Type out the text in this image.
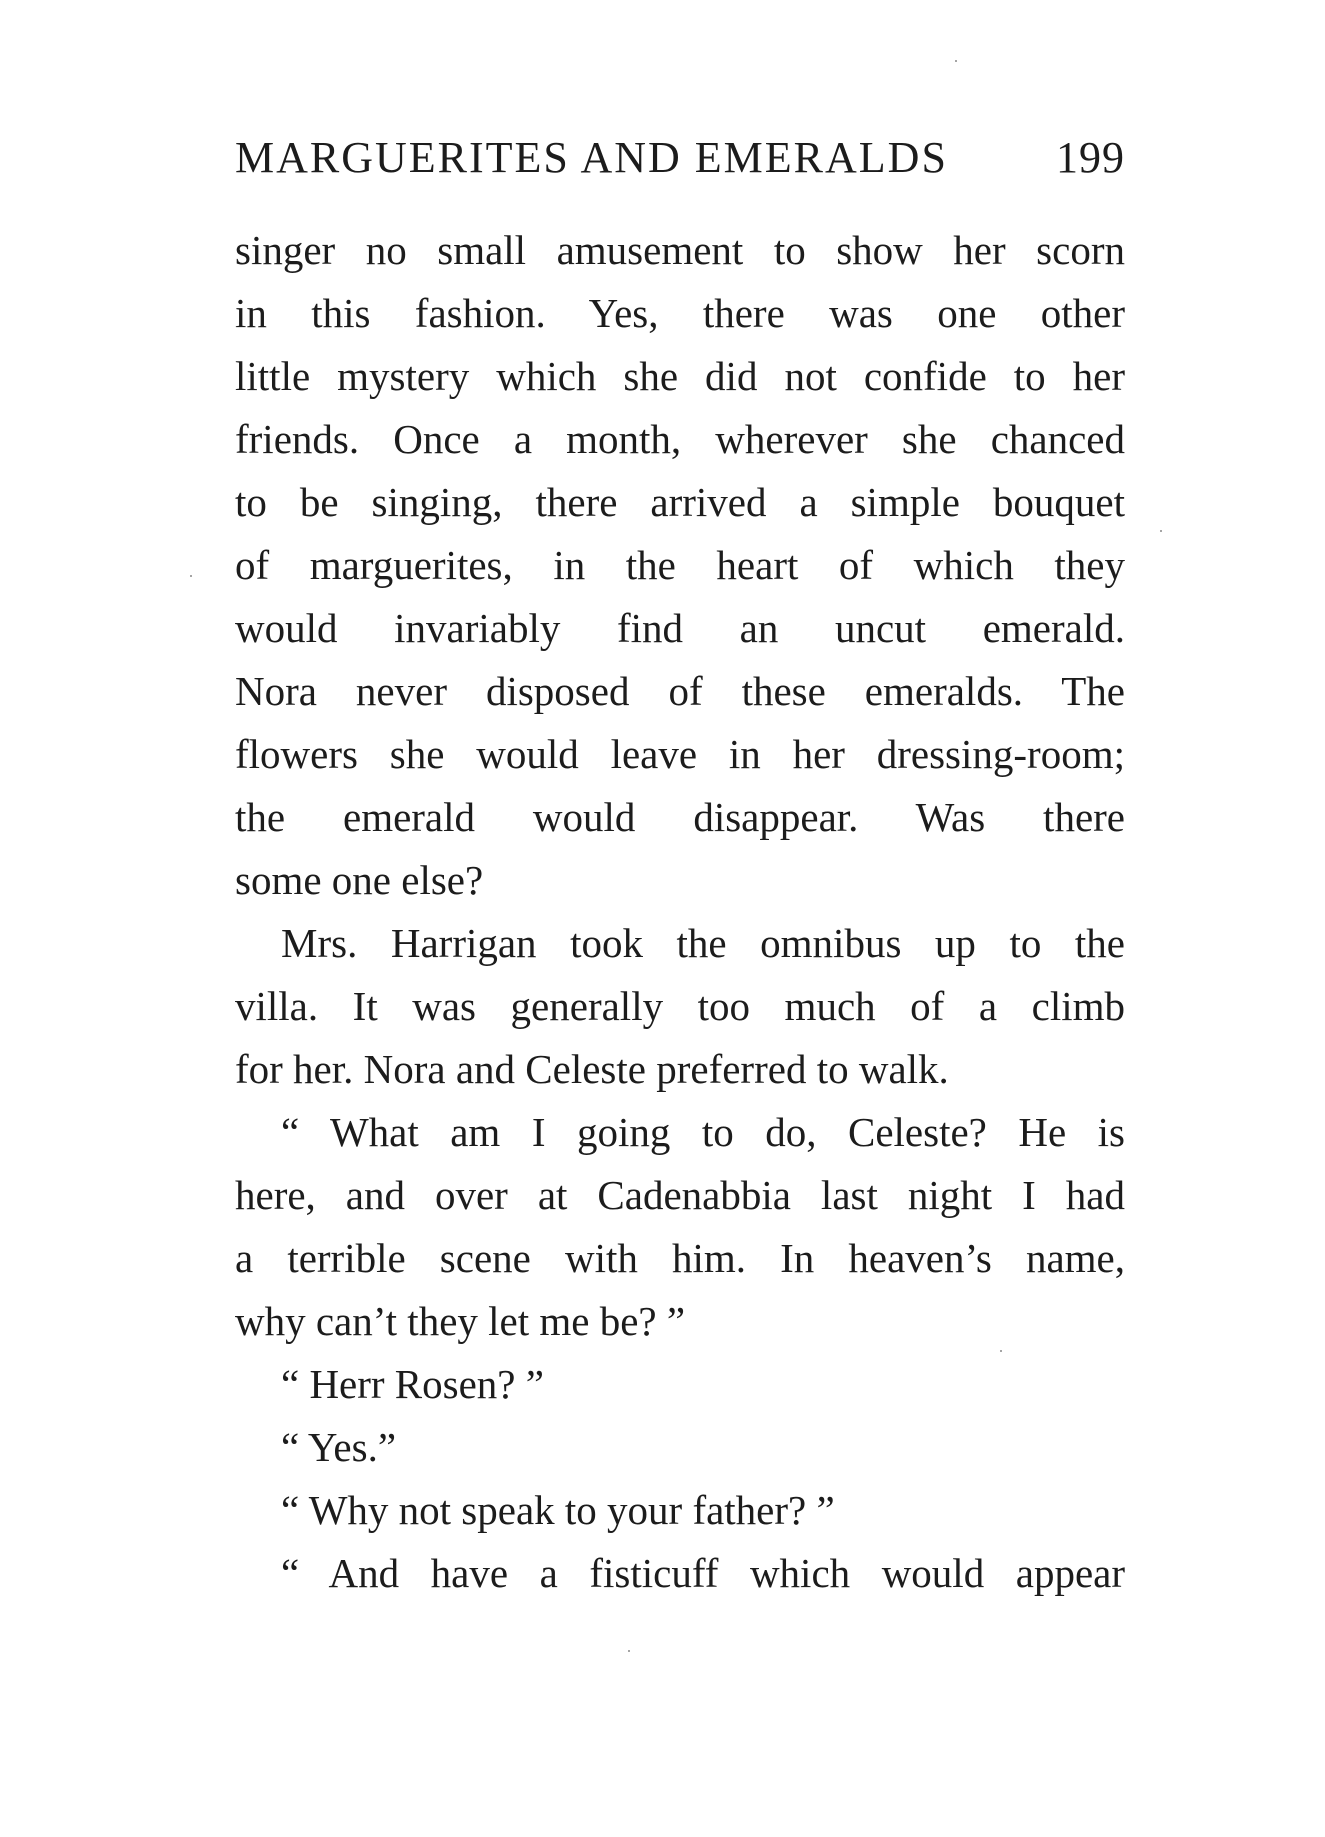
MARGUERITES AND EMERALDS 199
singer no small amusement to show her scorn
in this fashion. Yes, there was one other
little mystery which she did not confide to her
friends. Once a month, wherever she chanced
to be singing, there arrived a simple bouquet
of marguerites, in the heart of which they
would invariably find an uncut emerald.
Nora never disposed of these emeralds. The
flowers she would leave in her dressing-room;
the emerald would disappear. Was there
some one else?
Mrs. Harrigan took the omnibus up to the
villa. It was generally too much of a climb
for her. Nora and Celeste preferred to walk.
“ What am I going to do, Celeste? He is
here, and over at Cadenabbia last night I had
a terrible scene with him. In heaven’s name,
why can’t they let me be? ”
“ Herr Rosen? ”
“ Yes.”
“ Why not speak to your father? ”
“ And have a fisticuff which would appear
